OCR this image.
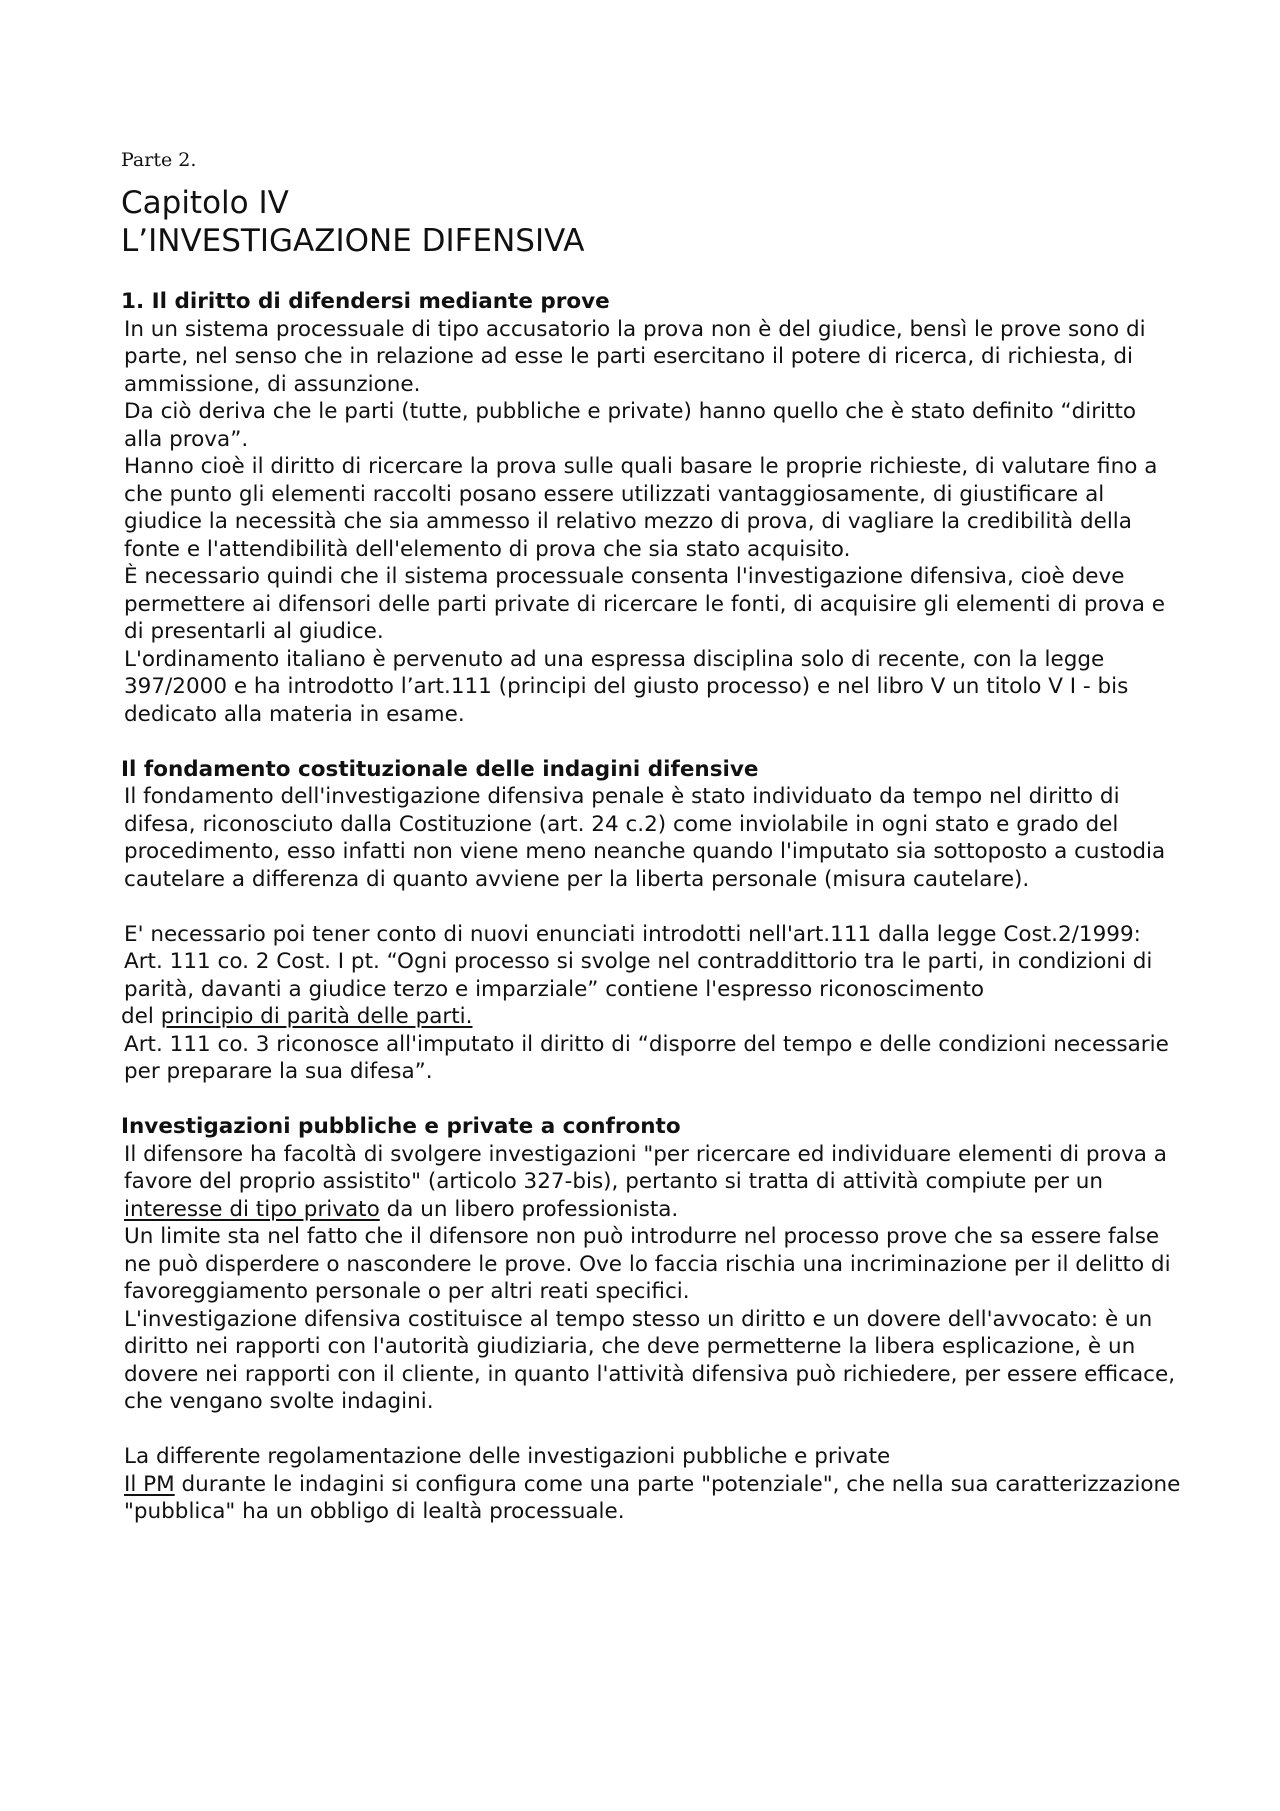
Parte 2.
Capitolo IV
L’INVESTIGAZIONE DIFENSIVA
1. Il diritto di difendersi mediante prove

In un sistema processuale di tipo accusatorio la prova non è del giudice, bensì le prove sono di parte, nel senso che in relazione ad esse le parti esercitano il potere di ricerca, di richiesta, di ammissione, di assunzione.

Da ciò deriva che le parti (tutte, pubbliche e private) hanno quello che è stato definito “diritto alla prova”.

Hanno cioè il diritto di ricercare la prova sulle quali basare le proprie richieste, di valutare fino a che punto gli elementi raccolti posano essere utilizzati vantaggiosamente, di giustificare al giudice la necessità che sia ammesso il relativo mezzo di prova, di vagliare la credibilità della fonte e l'attendibilità dell'elemento di prova che sia stato acquisito.

È necessario quindi che il sistema processuale consenta l'investigazione difensiva, cioè deve permettere ai difensori delle parti private di ricercare le fonti, di acquisire gli elementi di prova e di presentarli al giudice.

L'ordinamento italiano è pervenuto ad una espressa disciplina solo di recente, con la legge 397/2000 e ha introdotto l’art.111 (principi del giusto processo) e nel libro V un titolo V I - bis dedicato alla materia in esame.

Il fondamento costituzionale delle indagini difensive

Il fondamento dell'investigazione difensiva penale è stato individuato da tempo nel diritto di difesa, riconosciuto dalla Costituzione (art. 24 c.2) come inviolabile in ogni stato e grado del procedimento, esso infatti non viene meno neanche quando l'imputato sia sottoposto a custodia cautelare a differenza di quanto avviene per la liberta personale (misura cautelare).

E' necessario poi tener conto di nuovi enunciati introdotti nell'art.111 dalla legge Cost.2/1999:

Art. 111 co. 2 Cost. I pt. “Ogni processo si svolge nel contraddittorio tra le parti, in condizioni di parità, davanti a giudice terzo e imparziale” contiene l'espresso riconoscimento

del principio di parità delle parti.

Art. 111 co. 3 riconosce all'imputato il diritto di “disporre del tempo e delle condizioni necessarie per preparare la sua difesa”.

Investigazioni pubbliche e private a confronto

Il difensore ha facoltà di svolgere investigazioni "per ricercare ed individuare elementi di prova a favore del proprio assistito" (articolo 327-bis), pertanto si tratta di attività compiute per un interesse di tipo privato da un libero professionista.

Un limite sta nel fatto che il difensore non può introdurre nel processo prove che sa essere false ne può disperdere o nascondere le prove. Ove lo faccia rischia una incriminazione per il delitto di favoreggiamento personale o per altri reati specifici.

L'investigazione difensiva costituisce al tempo stesso un diritto e un dovere dell'avvocato: è un diritto nei rapporti con l'autorità giudiziaria, che deve permetterne la libera esplicazione, è un dovere nei rapporti con il cliente, in quanto l'attività difensiva può richiedere, per essere efficace, che vengano svolte indagini.

La differente regolamentazione delle investigazioni pubbliche e private

Il PM durante le indagini si configura come una parte "potenziale", che nella sua caratterizzazione "pubblica" ha un obbligo di lealtà processuale.
